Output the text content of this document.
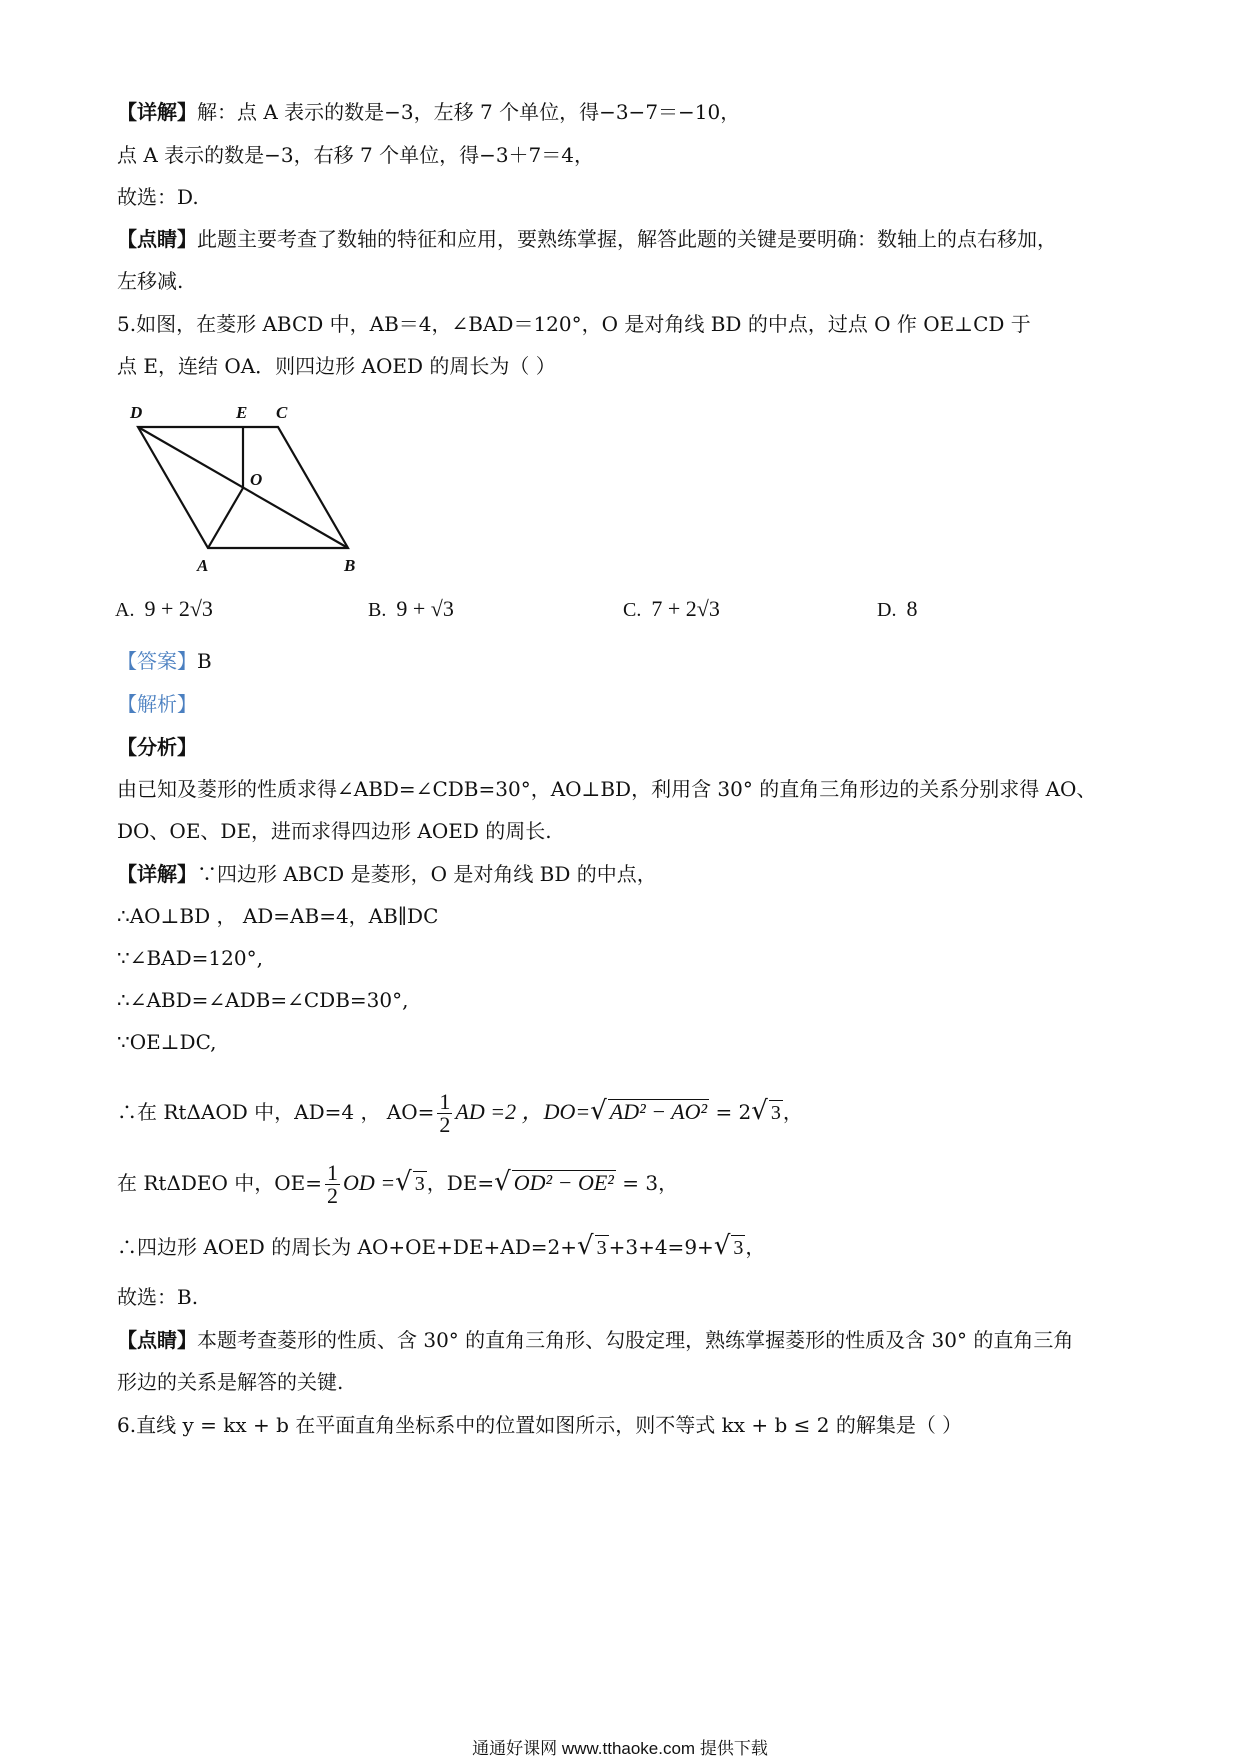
【详解】解：点 A 表示的数是−3，左移 7 个单位，得−3−7＝−10，
点 A 表示的数是−3，右移 7 个单位，得−3＋7＝4，
故选：D.
【点睛】此题主要考查了数轴的特征和应用，要熟练掌握，解答此题的关键是要明确：数轴上的点右移加，
左移减.
5.如图，在菱形 ABCD 中，AB＝4，∠BAD＝120°，O 是对角线 BD 的中点，过点 O 作 OE⊥CD 于
点 E，连结 OA．则四边形 AOED 的周长为（ ）
D	E C
O
A	B
A. 9 + 2√3	B. 9 + √3	C. 7 + 2√3	D. 8
【答案】B
【解析】
【分析】
由已知及菱形的性质求得∠ABD=∠CDB=30°，AO⊥BD，利用含 30° 的直角三角形边的关系分别求得 AO、
DO、OE、DE，进而求得四边形 AOED 的周长.
【详解】∵四边形 ABCD 是菱形，O 是对角线 BD 的中点，
∴AO⊥BD ， AD=AB=4，AB∥DC
∵∠BAD=120°,
∴∠ABD=∠ADB=∠CDB=30°,
∵OE⊥DC,
∴在 RtΔAOD 中，AD=4 ， $AO= \frac{1}{2}$ AD =2 ，DO=√ AD² − AO² = 2√ 3 ，
在 RtΔDEO 中，$OE= \frac{1}{2}$ OD =√ 3 ，DE=√ OD² − OE² = 3，
∴四边形 AOED 的周长为 AO+OE+DE+AD=2+√ 3 +3+4=9+√ 3 ，
故选：B.
【点睛】本题考查菱形的性质、含 30° 的直角三角形、勾股定理，熟练掌握菱形的性质及含 30° 的直角三角
形边的关系是解答的关键.
6.直线 y = kx + b 在平面直角坐标系中的位置如图所示，则不等式 kx + b ≤ 2 的解集是（ ）
通通好课网 www.tthaoke.com 提供下载
